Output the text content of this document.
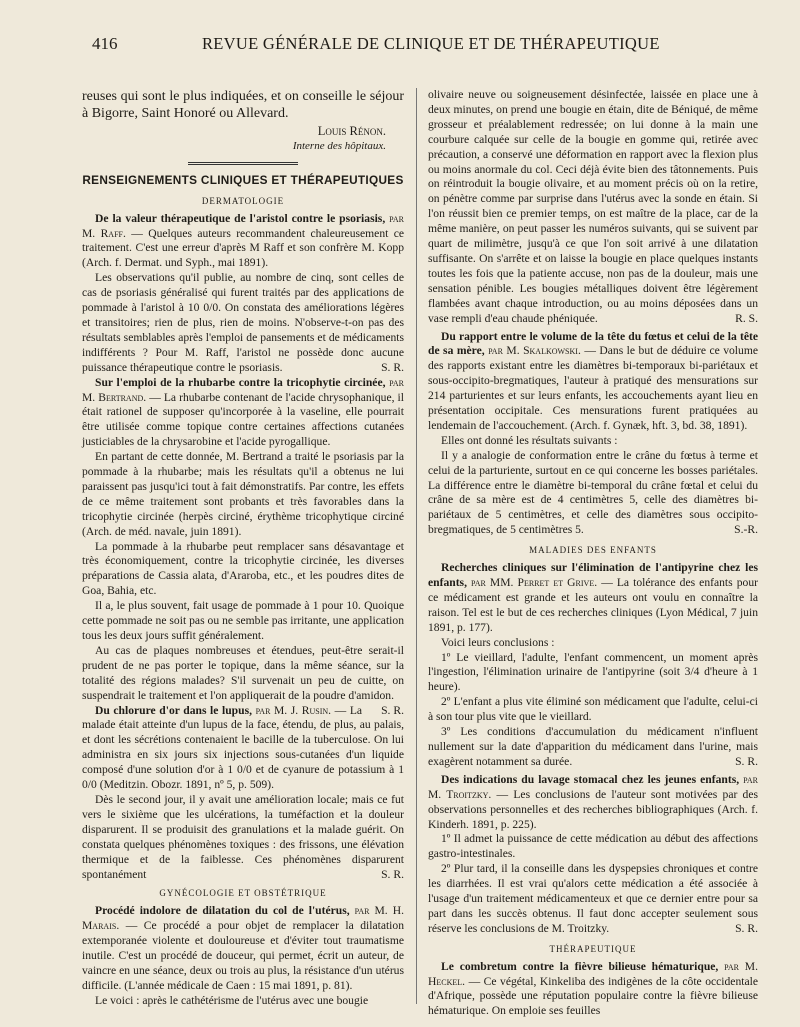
416	REVUE GÉNÉRALE DE CLINIQUE ET DE THÉRAPEUTIQUE

reuses qui sont le plus indiquées, et on conseille le séjour à Bigorre, Saint Honoré ou Allevard.

Louis Rénon.
Interne des hôpitaux.
RENSEIGNEMENTS CLINIQUES ET THÉRAPEUTIQUES
DERMATOLOGIE

De la valeur thérapeutique de l'aristol contre le psoriasis, par M. Raff. — Quelques auteurs recommandent chaleureusement ce traitement. C'est une erreur d'après M Raff et son confrère M. Kopp (Arch. f. Dermat. und Syph., mai 1891).

Les observations qu'il publie, au nombre de cinq, sont celles de cas de psoriasis généralisé qui furent traités par des applications de pommade à l'aristol à 10 0/0. On constata des améliorations légères et transitoires; rien de plus, rien de moins. N'observe-t-on pas des résultats semblables après l'emploi de pansements et de médicaments indifférents ? Pour M. Raff, l'aristol ne possède donc aucune puissance thérapeutique contre le psoriasis.	S. R.

Sur l'emploi de la rhubarbe contre la tricophytie circinée, par M. Bertrand. — La rhubarbe contenant de l'acide chrysophanique, il était rationel de supposer qu'incorporée à la vaseline, elle pourrait être utilisée comme topique contre certaines affections cutanées justiciables de la chrysarobine et l'acide pyrogallique.

En partant de cette donnée, M. Bertrand a traité le psoriasis par la pommade à la rhubarbe; mais les résultats qu'il a obtenus ne lui paraissent pas jusqu'ici tout à fait démonstratifs. Par contre, les effets de ce même traitement sont probants et très favorables dans la tricophytie circinée (herpès circiné, érythème tricophytique circiné (Arch. de méd. navale, juin 1891).

La pommade à la rhubarbe peut remplacer sans désavantage et très économiquement, contre la tricophytie circinée, les diverses préparations de Cassia alata, d'Araroba, etc., et les poudres dites de Goa, Bahia, etc.

Il a, le plus souvent, fait usage de pommade à 1 pour 10. Quoique cette pommade ne soit pas ou ne semble pas irritante, une application tous les deux jours suffit généralement.

Au cas de plaques nombreuses et étendues, peut-être serait-il prudent de ne pas porter le topique, dans la même séance, sur la totalité des régions malades? S'il survenait un peu de cuitte, on suspendrait le traitement et l'on appliquerait de la poudre d'amidon.
S. R.

Du chlorure d'or dans le lupus, par M. J. Rusin. — La malade était atteinte d'un lupus de la face, étendu, de plus, au palais, et dont les sécrétions contenaient le bacille de la tuberculose. On lui administra en six jours six injections sous-cutanées d'un liquide composé d'une solution d'or à 1 0/0 et de cyanure de potassium à 1 0/0 (Meditzin. Obozr. 1891, nº 5, p. 509).

Dès le second jour, il y avait une amélioration locale; mais ce fut vers le sixième que les ulcérations, la tuméfaction et la douleur disparurent. Il se produisit des granulations et la malade guérit. On constata quelques phénomènes toxiques : des frissons, une élévation thermique et de la faiblesse. Ces phénomènes disparurent spontanément	S. R.

GYNÉCOLOGIE ET OBSTÉTRIQUE

Procédé indolore de dilatation du col de l'utérus, par M. H. Marais. — Ce procédé a pour objet de remplacer la dilatation extemporanée violente et douloureuse et d'éviter tout traumatisme inutile. C'est un procédé de douceur, qui permet, écrit un auteur, de vaincre en une séance, deux ou trois au plus, la résistance d'un utérus difficile. (L'année médicale de Caen : 15 mai 1891, p. 81).

Le voici : après le cathétérisme de l'utérus avec une bougie

olivaire neuve ou soigneusement désinfectée, laissée en place une à deux minutes, on prend une bougie en étain, dite de Béniqué, de même grosseur et préalablement redressée; on lui donne à la main une courbure calquée sur celle de la bougie en gomme qui, retirée avec précaution, a conservé une déformation en rapport avec la flexion plus ou moins anormale du col. Ceci déjà évite bien des tâtonnements. Puis on réintroduit la bougie olivaire, et au moment précis où on la retire, on pénètre comme par surprise dans l'utérus avec la sonde en étain. Si l'on réussit bien ce premier temps, on est maître de la place, car de la même manière, on peut passer les numéros suivants, qui se suivent par quart de milimètre, jusqu'à ce que l'on soit arrivé à une dilatation suffisante. On s'arrête et on laisse la bougie en place quelques instants toutes les fois que la patiente accuse, non pas de la douleur, mais une sensation pénible. Les bougies métalliques doivent être légèrement flambées avant chaque introduction, ou au moins déposées dans un vase rempli d'eau chaude phéniquée.	R. S.

Du rapport entre le volume de la tête du fœtus et celui de la tête de sa mère, par M. Skalkowski. — Dans le but de déduire ce volume des rapports existant entre les diamètres bi-temporaux bi-pariétaux et sous-occipito-bregmatiques, l'auteur à pratiqué des mensurations sur 214 parturientes et sur leurs enfants, les accouchements ayant lieu en présentation occipitale. Ces mensurations furent pratiquées au lendemain de l'accouchement. (Arch. f. Gynæk, hft. 3, bd. 38, 1891).

Elles ont donné les résultats suivants :

Il y a analogie de conformation entre le crâne du fœtus à terme et celui de la parturiente, surtout en ce qui concerne les bosses pariétales. La différence entre le diamètre bi-temporal du crâne fœtal et celui du crâne de sa mère est de 4 centimètres 5, celle des diamètres bi-pariétaux de 5 centimètres, et celle des diamètres sous occipito-bregmatiques, de 5 centimètres 5.	S.-R.

MALADIES DES ENFANTS

Recherches cliniques sur l'élimination de l'antipyrine chez les enfants, par MM. Perret et Grive. — La tolérance des enfants pour ce médicament est grande et les auteurs ont voulu en connaître la raison. Tel est le but de ces recherches cliniques (Lyon Médical, 7 juin 1891, p. 177).

Voici leurs conclusions :

1º Le vieillard, l'adulte, l'enfant commencent, un moment après l'ingestion, l'élimination urinaire de l'antipyrine (soit 3/4 d'heure à 1 heure).

2º L'enfant a plus vite éliminé son médicament que l'adulte, celui-ci à son tour plus vite que le vieillard.

3º Les conditions d'accumulation du médicament n'influent nullement sur la date d'apparition du médicament dans l'urine, mais exagèrent notamment sa durée.	S. R.

Des indications du lavage stomacal chez les jeunes enfants, par M. Troitzky. — Les conclusions de l'auteur sont motivées par des observations personnelles et des recherches bibliographiques (Arch. f. Kinderh. 1891, p. 225).

1º Il admet la puissance de cette médication au début des affections gastro-intestinales.

2º Plur tard, il la conseille dans les dyspepsies chroniques et contre les diarrhées. Il est vrai qu'alors cette médication a été associée à l'usage d'un traitement médicamenteux et que ce dernier entre pour sa part dans les succès obtenus. Il faut donc accepter seulement sous réserve les conclusions de M. Troitzky.	S. R.

THÉRAPEUTIQUE

Le combretum contre la fièvre bilieuse hématurique, par M. Heckel. — Ce végétal, Kinkeliba des indigènes de la côte occidentale d'Afrique, possède une réputation populaire contre la fièvre bilieuse hématurique. On emploie ses feuilles
